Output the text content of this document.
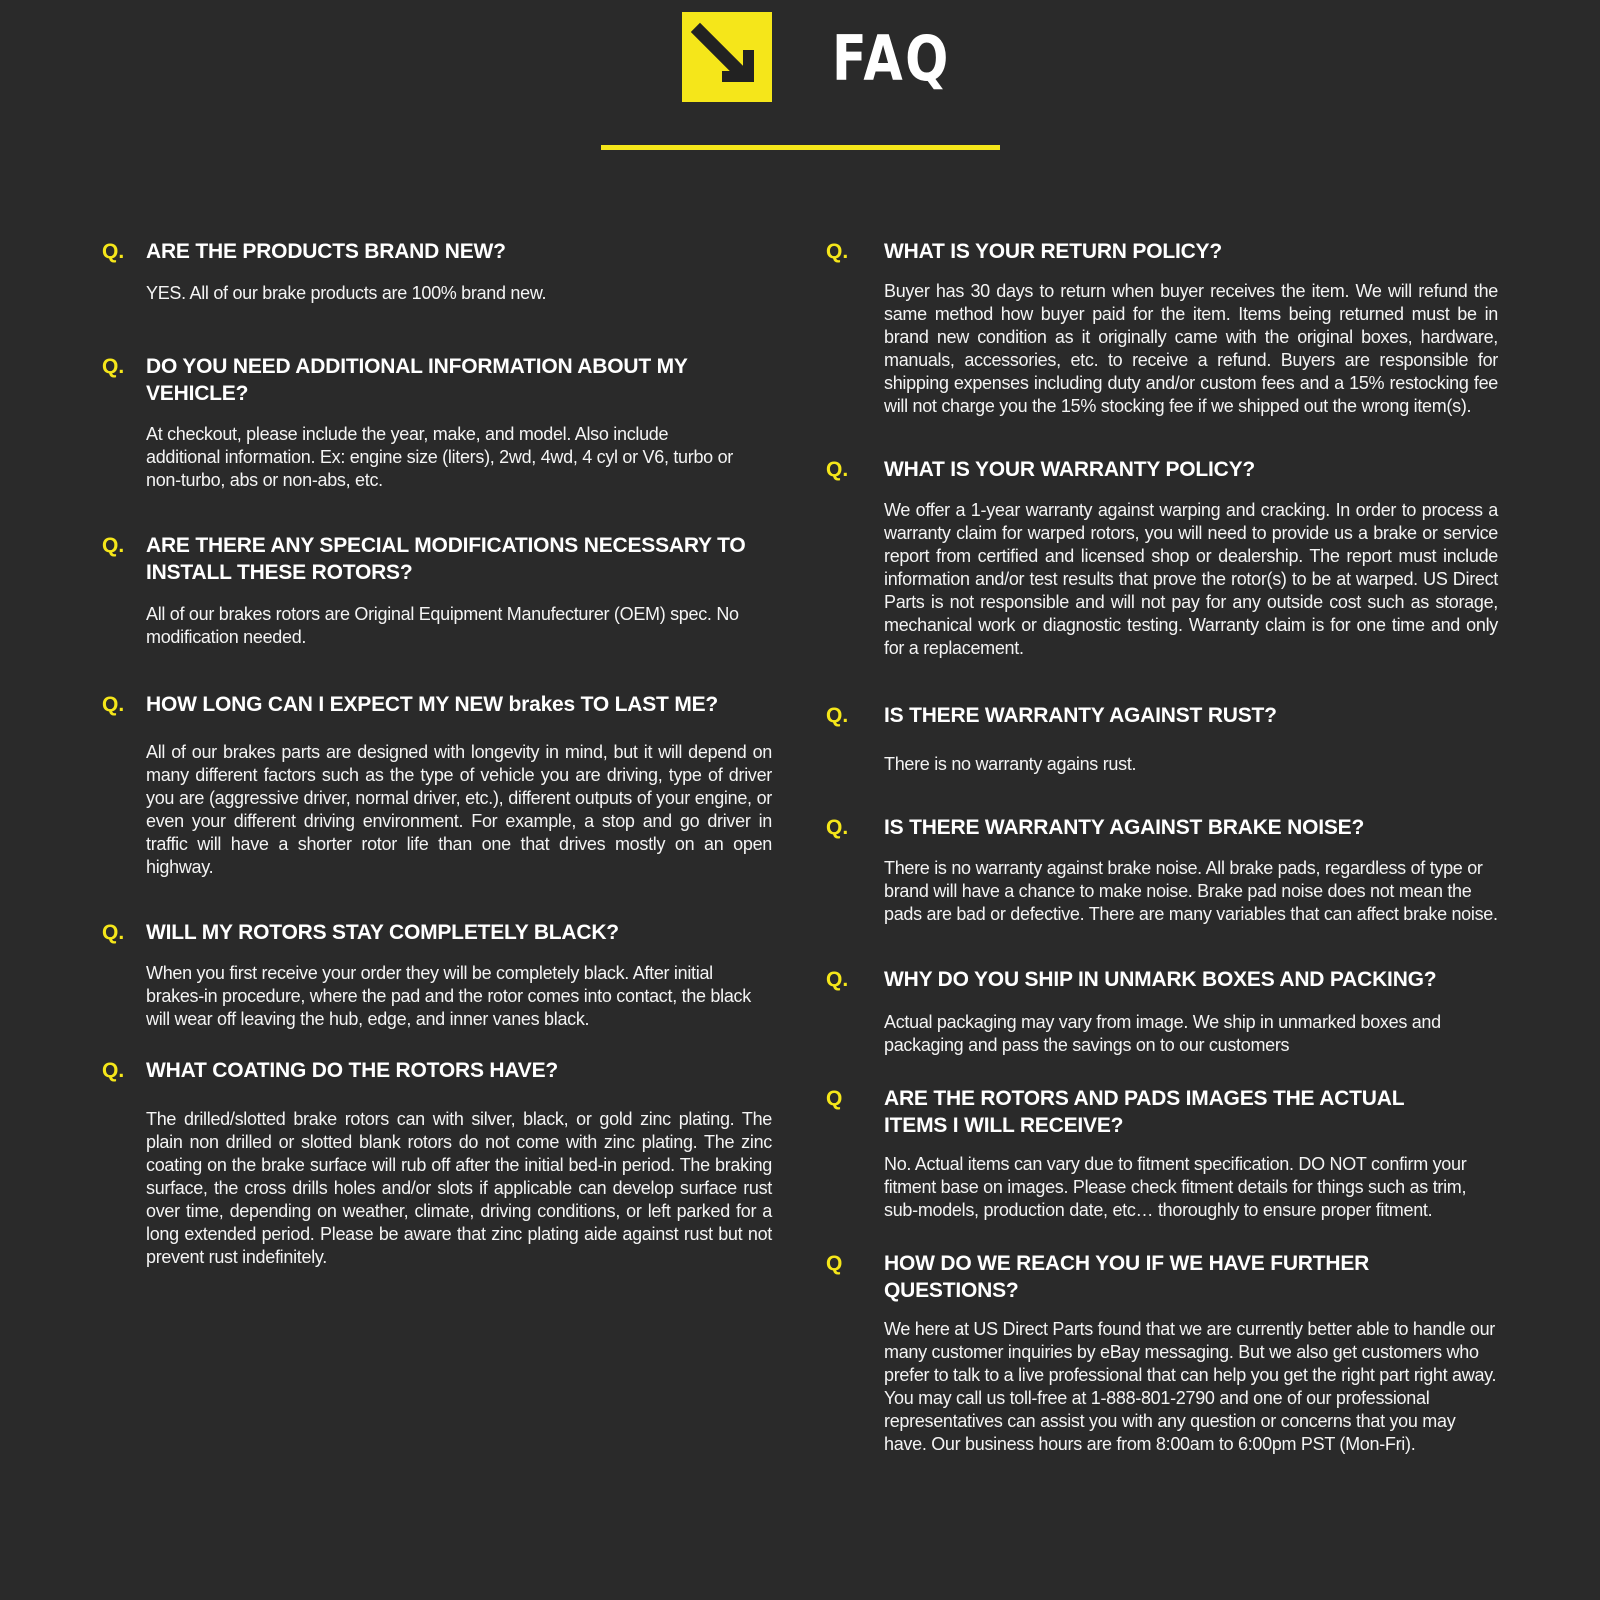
FAQ
Q. ARE THE PRODUCTS BRAND NEW?
YES. All of our brake products are 100% brand new.
Q. DO YOU NEED ADDITIONAL INFORMATION ABOUT MY VEHICLE?
At checkout, please include the year, make, and model. Also include additional information. Ex: engine size (liters), 2wd, 4wd, 4 cyl or V6, turbo or non-turbo, abs or non-abs, etc.
Q. ARE THERE ANY SPECIAL MODIFICATIONS NECESSARY TO INSTALL THESE ROTORS?
All of our brakes rotors are Original Equipment Manufecturer (OEM) spec. No modification needed.
Q. HOW LONG CAN I EXPECT MY NEW brakes TO LAST ME?
All of our brakes parts are designed with longevity in mind, but it will depend on many different factors such as the type of vehicle you are driving, type of driver you are (aggressive driver, normal driver, etc.), different outputs of your engine, or even your different driving environment. For example, a stop and go driver in traffic will have a shorter rotor life than one that drives mostly on an open highway.
Q. WILL MY ROTORS STAY COMPLETELY BLACK?
When you first receive your order they will be completely black. After initial brakes-in procedure, where the pad and the rotor comes into contact, the black will wear off leaving the hub, edge, and inner vanes black.
Q. WHAT COATING DO THE ROTORS HAVE?
The drilled/slotted brake rotors can with silver, black, or gold zinc plating. The plain non drilled or slotted blank rotors do not come with zinc plating. The zinc coating on the brake surface will rub off after the initial bed-in period. The braking surface, the cross drills holes and/or slots if applicable can develop surface rust over time, depending on weather, climate, driving conditions, or left parked for a long extended period. Please be aware that zinc plating aide against rust but not prevent rust indefinitely.
Q. WHAT IS YOUR RETURN POLICY?
Buyer has 30 days to return when buyer receives the item. We will refund the same method how buyer paid for the item. Items being returned must be in brand new condition as it originally came with the original boxes, hardware, manuals, accessories, etc. to receive a refund. Buyers are responsible for shipping expenses including duty and/or custom fees and a 15% restocking fee will not charge you the 15% stocking fee if we shipped out the wrong item(s).
Q. WHAT IS YOUR WARRANTY POLICY?
We offer a 1-year warranty against warping and cracking. In order to process a warranty claim for warped rotors, you will need to provide us a brake or service report from certified and licensed shop or dealership. The report must include information and/or test results that prove the rotor(s) to be at warped. US Direct Parts is not responsible and will not pay for any outside cost such as storage, mechanical work or diagnostic testing. Warranty claim is for one time and only for a replacement.
Q. IS THERE WARRANTY AGAINST RUST?
There is no warranty agains rust.
Q. IS THERE WARRANTY AGAINST BRAKE NOISE?
There is no warranty against brake noise. All brake pads, regardless of type or brand will have a chance to make noise. Brake pad noise does not mean the pads are bad or defective. There are many variables that can affect brake noise.
Q. WHY DO YOU SHIP IN UNMARK BOXES AND PACKING?
Actual packaging may vary from image. We ship in unmarked boxes and packaging and pass the savings on to our customers
Q ARE THE ROTORS AND PADS IMAGES THE ACTUAL ITEMS I WILL RECEIVE?
No. Actual items can vary due to fitment specification. DO NOT confirm your fitment base on images. Please check fitment details for things such as trim, sub-models, production date, etc… thoroughly to ensure proper fitment.
Q HOW DO WE REACH YOU IF WE HAVE FURTHER QUESTIONS?
We here at US Direct Parts found that we are currently better able to handle our many customer inquiries by eBay messaging. But we also get customers who prefer to talk to a live professional that can help you get the right part right away. You may call us toll-free at 1-888-801-2790 and one of our professional representatives can assist you with any question or concerns that you may have. Our business hours are from 8:00am to 6:00pm PST (Mon-Fri).
